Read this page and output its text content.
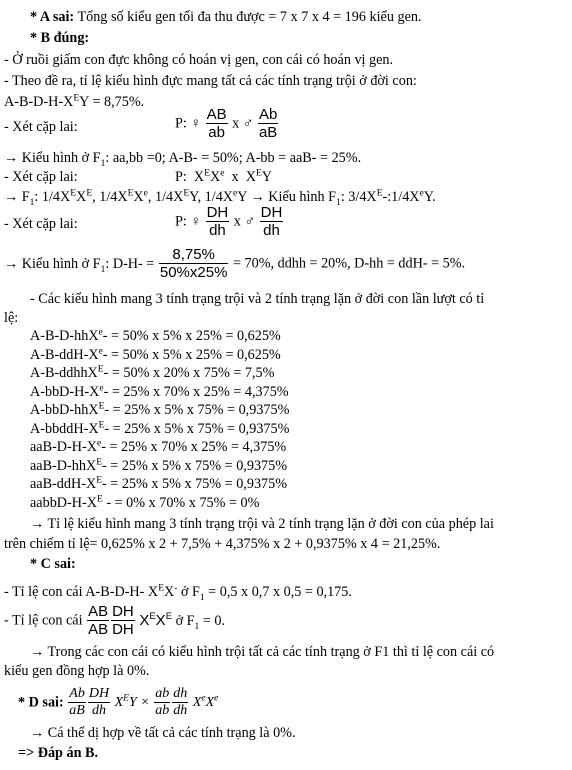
* A sai: Tổng số kiểu gen tối đa thu được = 7 x 7 x 4 = 196 kiểu gen.
* B đúng:
- Ở ruồi giấm con đực không có hoán vị gen, con cái có hoán vị gen.
- Theo đề ra, tỉ lệ kiểu hình đực mang tất cả các tính trạng trội ở đời con:
$A-B-D-H-X^EY = 8,75\%$.
- Xét cặp lai:	P: ♀ $\frac{AB}{ab}$ x ♂ $\frac{Ab}{aB}$
→ Kiểu hình ở $F_1$: aa,bb =0; A-B- = 50%; A-bb = aaB- = 25%.
- Xét cặp lai:	P:  $X^EXe$  x  $X^EY$
→ $F_1$: $1/4X^EX^E$, $1/4X^EXe$, $1/4X^EY$, $1/4X^eY$ → Kiểu hình $F_1$: $3/4X^E-:1/4XeY$.
- Xét cặp lai:	P: ♀ $\frac{DH}{dh}$ x ♂ $\frac{DH}{dh}$
→ Kiểu hình ở $F_1$: $D-H- = \frac{8,75\%}{50\%x25\%} = 70\%$, ddhh = 20%, D-hh = ddH- = 5%.
- Các kiểu hình mang 3 tính trạng trội và 2 tính trạng lặn ở đời con lần lượt có tỉ
lệ:
A-B-D-hhX$^e$- = 50% x 5% x 25% = 0,625%
$A-B-ddH-X^e- = 50\%$ x 5% x 25% = 0,625%
A-B-ddhhX$^E$- = 50% x 20% x 75% = 7,5%
$A-bbD-H-X^e- = 25\%$ x 70% x 25% = 4,375%
A-bbD-hhX$^E$- = 25% x 5% x 75% = 0,9375%
$A-bbddH-X^E- = 25\%$ x 5% x 75% = 0,9375%
aaB-$D-H-X^e- = 25\%$ x 70% x 25% = 4,375%
aaB-D-hhX$^E$- = 25% x 5% x 75% = 0,9375%
aaB-$ddH-X^E- = 25\%$ x 5% x 75% = 0,9375%
aabbD-$H-X^E$ - = 0% x 70% x 75% = 0%
→ Tỉ lệ kiểu hình mang 3 tính trạng trội và 2 tính trạng lặn ở đời con của phép lai
trên chiếm tỉ lệ= 0,625% x 2 + 7,5% + 4,375% x 2 + 0,9375% x 4 = 21,25%.
* C sai:
- Tỉ lệ con cái A-B-D-H- $X^EX^-$ ở $F_1 = 0,5$ x 0,7 x 0,5 = 0,175.
- Tỉ lệ con cái $\frac{AB}{AB} \frac{DH}{DH} X^EX^E$ ở $F_1 = 0$.
→ Trong các con cái có kiểu hình trội tất cả các tính trạng ở F1 thì tỉ lệ con cái có
kiểu gen đồng hợp là 0%.
* D sai: $\frac{Ab}{aB} \frac{DH}{dh} X^EY \times \frac{ab}{ab} \frac{dh}{dh} X^eX^e$
→ Cá thể dị hợp về tất cả các tính trạng là 0%.
=> Đáp án B.
